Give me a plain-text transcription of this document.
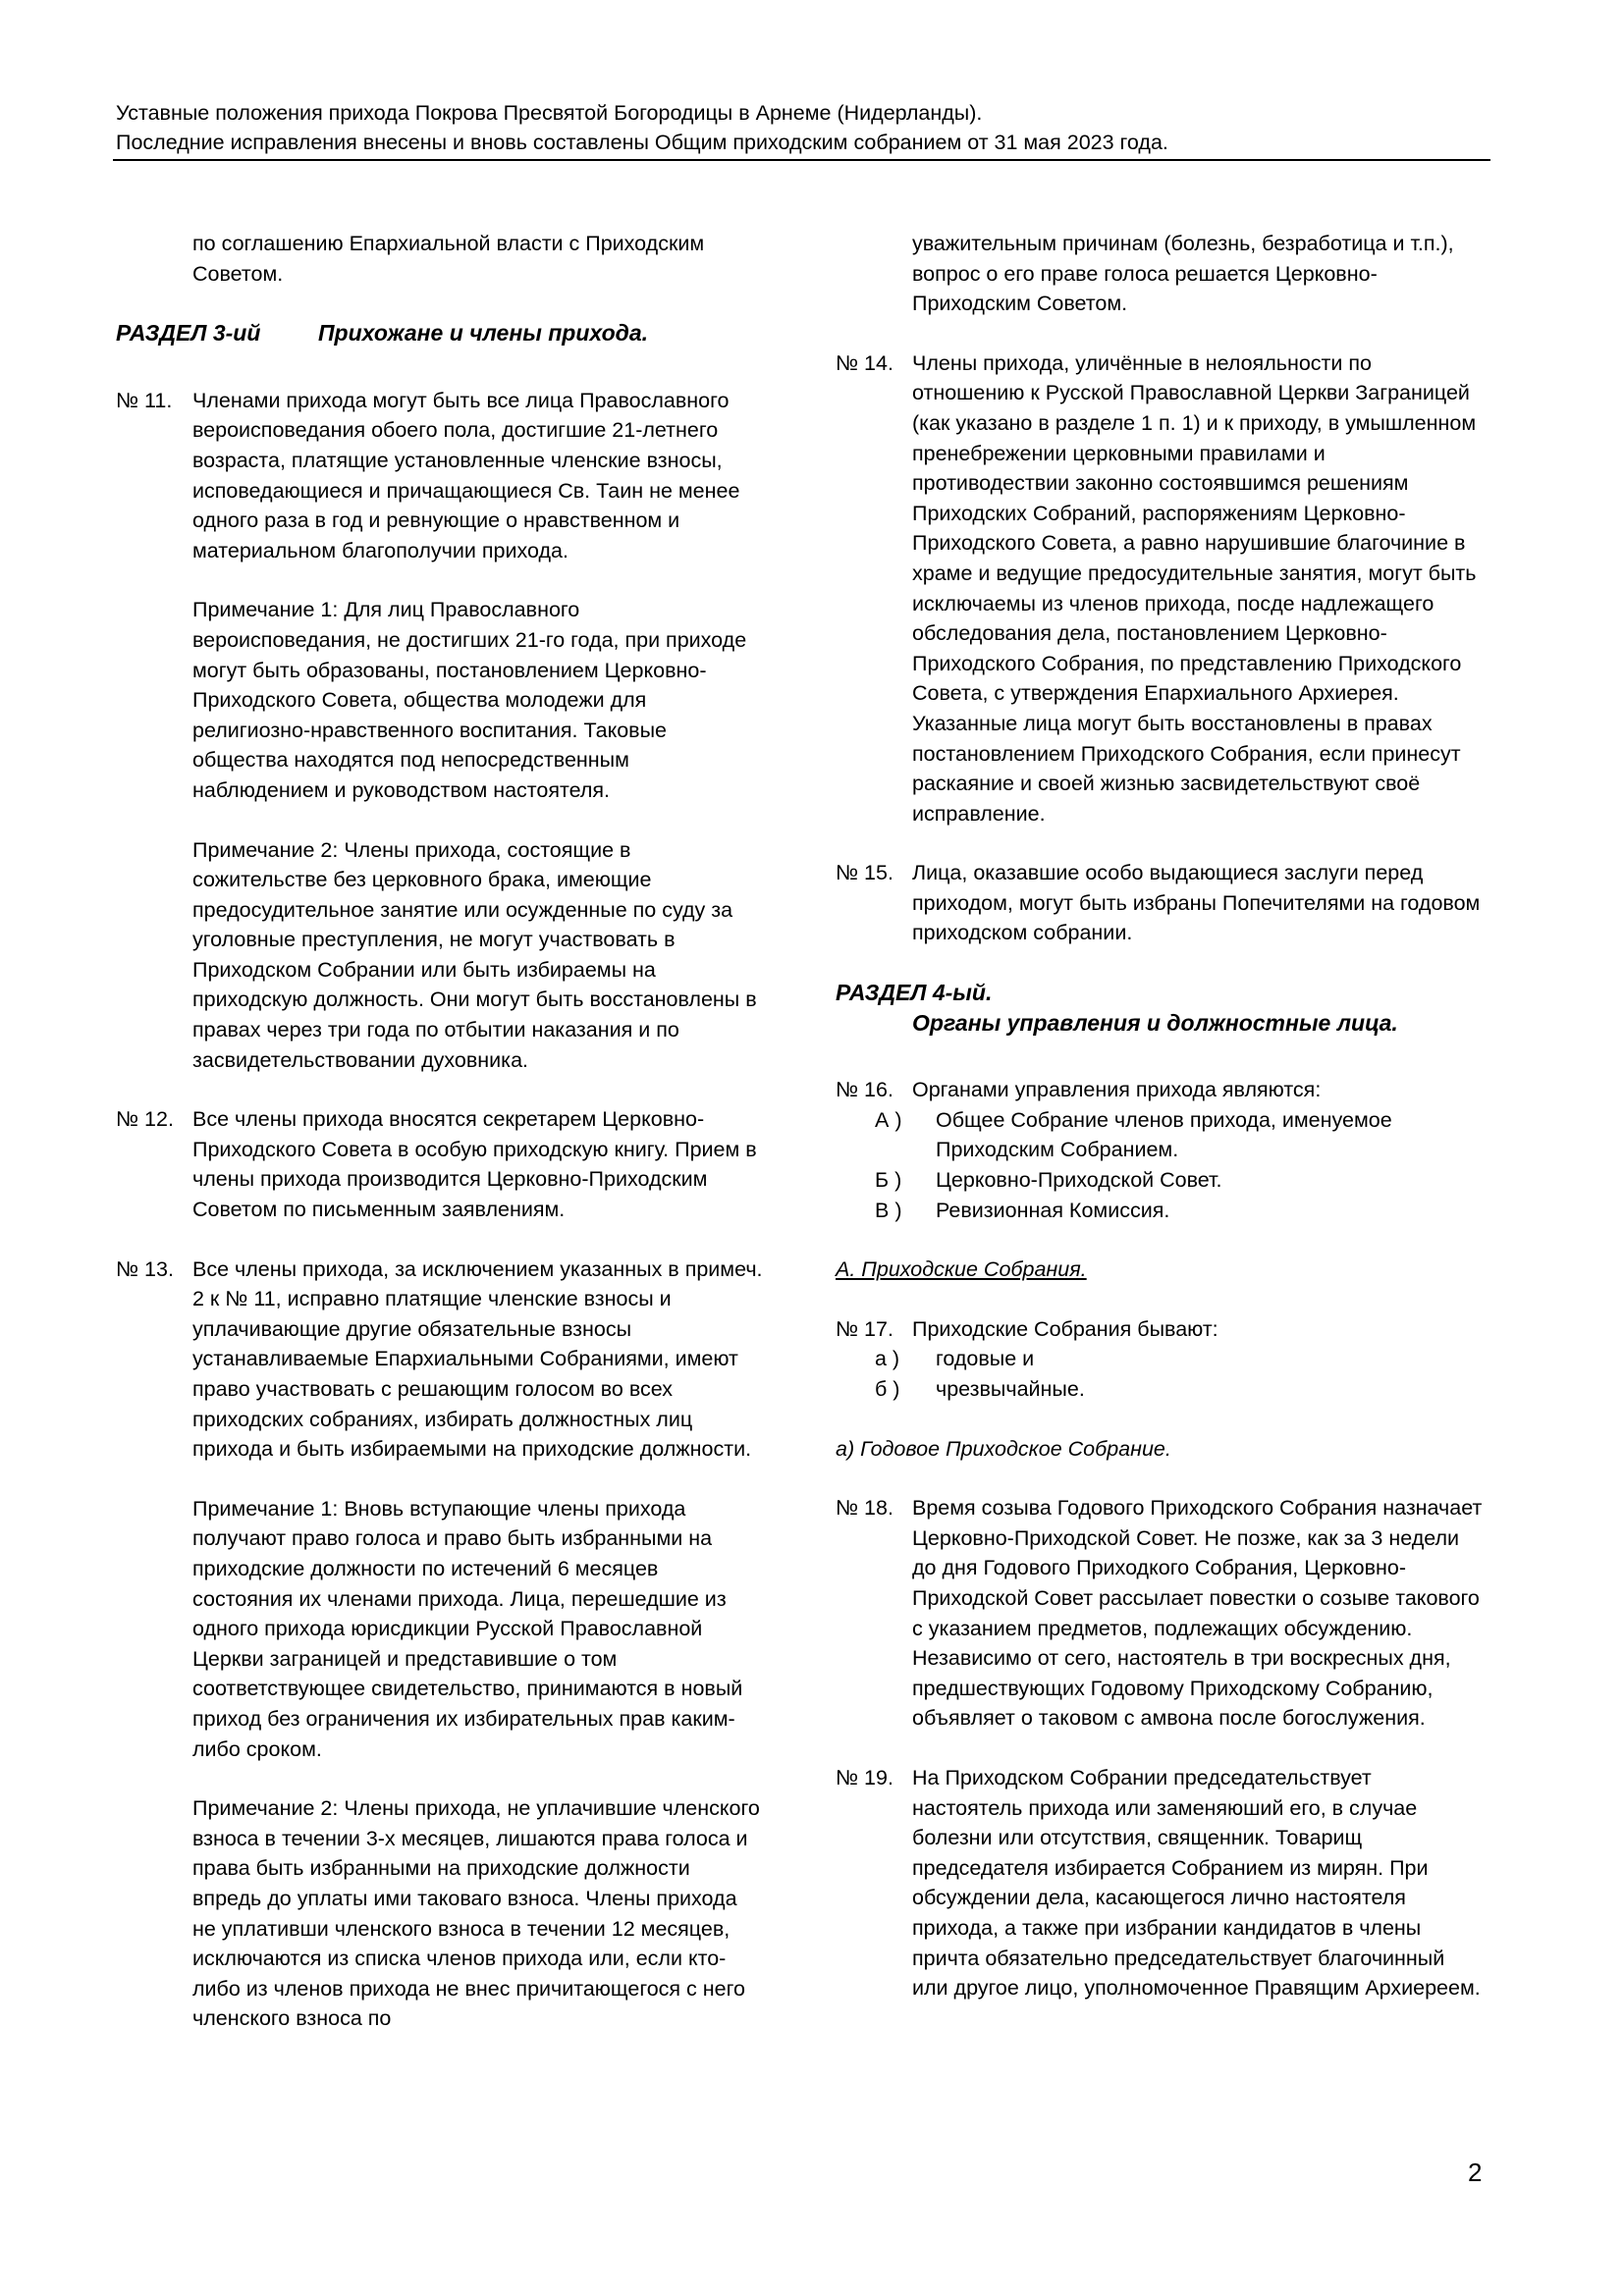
Уставные положения прихода Покрова Пресвятой Богородицы в Арнеме (Нидерланды).
Последние исправления внесены и вновь составлены Общим приходским собранием от 31 мая 2023 года.
по соглашению Епархиальной власти с Приходским Советом.
РАЗДЕЛ 3-ий	Прихожане и члены прихода.
№ 11. Членами прихода могут быть все лица Православного вероисповедания обоего пола, достигшие 21-летнего возраста, платящие установленные членские взносы, исповедающиеся и причащающиеся Св. Таин не менее одного раза в год и ревнующие о нравственном и материальном благополучии прихода.
Примечание 1: Для лиц Православного вероисповедания, не достигших 21-го года, при приходе могут быть образованы, постановлением Церковно-Приходского Совета, общества молодежи для религиозно-нравственного воспитания. Таковые общества находятся под непосредственным наблюдением и руководством настоятеля.
Примечание 2: Члены прихода, состоящие в сожительстве без церковного брака, имеющие предосудительное занятие или осужденные по суду за уголовные преступления, не могут участвовать в Приходском Собрании или быть избираемы на приходскую должность. Они могут быть восстановлены в правах через три года по отбытии наказания и по засвидетельствовании духовника.
№ 12. Все члены прихода вносятся секретарем Церковно-Приходского Совета в особую приходскую книгу. Прием в члены прихода производится Церковно-Приходским Советом по письменным заявлениям.
№ 13. Все члены прихода, за исключением указанных в примеч. 2 к № 11, исправно платящие членские взносы и уплачивающие другие обязательные взносы устанавливаемые Епархиальными Собраниями, имеют право участвовать с решающим голосом во всех приходских собраниях, избирать должностных лиц прихода и быть избираемыми на приходские должности.
Примечание 1: Вновь вступающие члены прихода получают право голоса и право быть избранными на приходские должности по истечений 6 месяцев состояния их членами прихода. Лица, перешедшие из одного прихода юрисдикции Русской Православной Церкви заграницей и представившие о том соответствующее свидетельство, принимаются в новый приход без ограничения их избирательных прав каким-либо сроком.
Примечание 2: Члены прихода, не уплачившие членского взноса в течении 3-х месяцев, лишаются права голоса и права быть избранными на приходские должности впредь до уплаты ими таковаго взноса. Члены прихода не уплативши членского взноса в течении 12 месяцев, исключаются из списка членов прихода или, если кто-либо из членов прихода не внес причитающегося с него членского взноса по
уважительным причинам (болезнь, безработица и т.п.), вопрос о его праве голоса решается Церковно-Приходским Советом.
№ 14. Члены прихода, уличённые в нелояльности по отношению к Русской Православной Церкви Заграницей (как указано в разделе 1 п. 1) и к приходу, в умышленном пренебрежении церковными правилами и противодествии законно состоявшимся решениям Приходских Собраний, распоряжениям Церковно-Приходского Совета, а равно нарушившие благочиние в храме и ведущие предосудительные занятия, могут быть исключаемы из членов прихода, посде надлежащего обследования дела, постановлением Церковно-Приходского Собрания, по представлению Приходского Совета, с утверждения Епархиального Архиерея. Указанные лица могут быть восстановлены в правах постановлением Приходского Собрания, если принесут раскаяние и своей жизнью засвидетельствуют своё исправление.
№ 15. Лица, оказавшие особо выдающиеся заслуги перед приходом, могут быть избраны Попечителями на годовом приходском собрании.
РАЗДЕЛ 4-ый.
Органы управления и должностные лица.
№ 16. Органами управления прихода являются:
А )	Общее Собрание членов прихода, именуемое Приходским Собранием.
Б )	Церковно-Приходской Совет.
В )	Ревизионная Комиссия.
А. Приходские Собрания.
№ 17. Приходские Собрания бывают:
а )	годовые и
б )	чрезвычайные.
а) Годовое Приходское Собрание.
№ 18. Время созыва Годового Приходского Собрания назначает Церковно-Приходской Совет. Не позже, как за 3 недели до дня Годового Приходкого Собрания, Церковно-Приходской Совет рассылает повестки о созыве такового с указанием предметов, подлежащих обсуждению. Независимо от сего, настоятель в три воскресных дня, предшествующих Годовому Приходскому Собранию, объявляет о таковом с амвона после богослужения.
№ 19. На Приходском Собрании председательствует настоятель прихода или заменяюший его, в случае болезни или отсутствия, священник. Товарищ председателя избирается Собранием из мирян. При обсуждении дела, касающегося лично настоятеля прихода, а также при избрании кандидатов в члены причта обязательно председательствует благочинный или другое лицо, уполномоченное Правящим Архиереем.
2
